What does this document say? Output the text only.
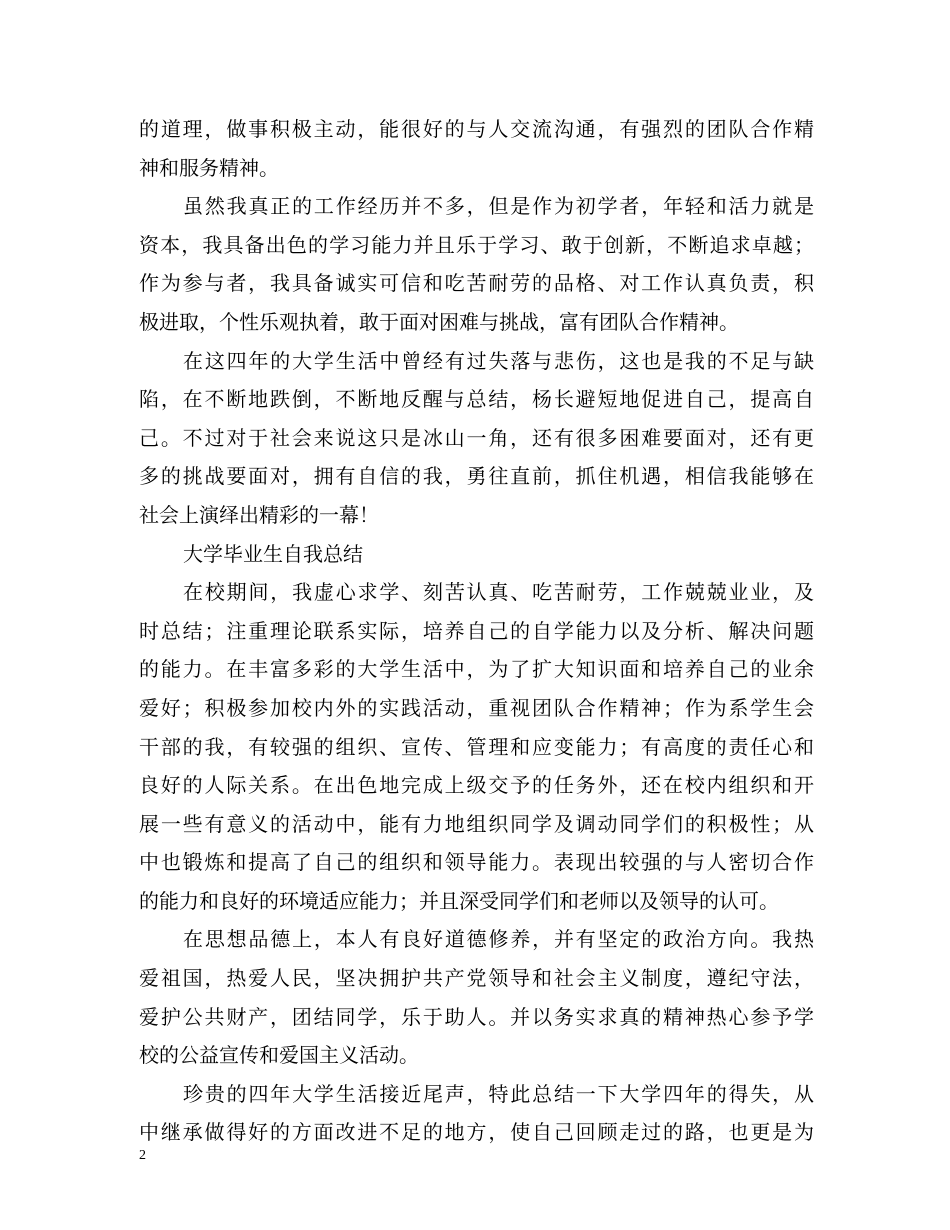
的道理，做事积极主动，能很好的与人交流沟通，有强烈的团队合作精
神和服务精神。
虽然我真正的工作经历并不多，但是作为初学者，年轻和活力就是
资本，我具备出色的学习能力并且乐于学习、敢于创新，不断追求卓越；
作为参与者，我具备诚实可信和吃苦耐劳的品格、对工作认真负责，积
极进取，个性乐观执着，敢于面对困难与挑战，富有团队合作精神。
在这四年的大学生活中曾经有过失落与悲伤，这也是我的不足与缺
陷，在不断地跌倒，不断地反醒与总结，杨长避短地促进自己，提高自
己。不过对于社会来说这只是冰山一角，还有很多困难要面对，还有更
多的挑战要面对，拥有自信的我，勇往直前，抓住机遇，相信我能够在
社会上演绎出精彩的一幕！
大学毕业生自我总结
在校期间，我虚心求学、刻苦认真、吃苦耐劳，工作兢兢业业，及
时总结；注重理论联系实际，培养自己的自学能力以及分析、解决问题
的能力。在丰富多彩的大学生活中，为了扩大知识面和培养自己的业余
爱好；积极参加校内外的实践活动，重视团队合作精神；作为系学生会
干部的我，有较强的组织、宣传、管理和应变能力；有高度的责任心和
良好的人际关系。在出色地完成上级交予的任务外，还在校内组织和开
展一些有意义的活动中，能有力地组织同学及调动同学们的积极性；从
中也锻炼和提高了自己的组织和领导能力。表现出较强的与人密切合作
的能力和良好的环境适应能力；并且深受同学们和老师以及领导的认可。
在思想品德上，本人有良好道德修养，并有坚定的政治方向。我热
爱祖国，热爱人民，坚决拥护共产党领导和社会主义制度，遵纪守法，
爱护公共财产，团结同学，乐于助人。并以务实求真的精神热心参予学
校的公益宣传和爱国主义活动。
珍贵的四年大学生活接近尾声，特此总结一下大学四年的得失，从
中继承做得好的方面改进不足的地方，使自己回顾走过的路，也更是为
2
